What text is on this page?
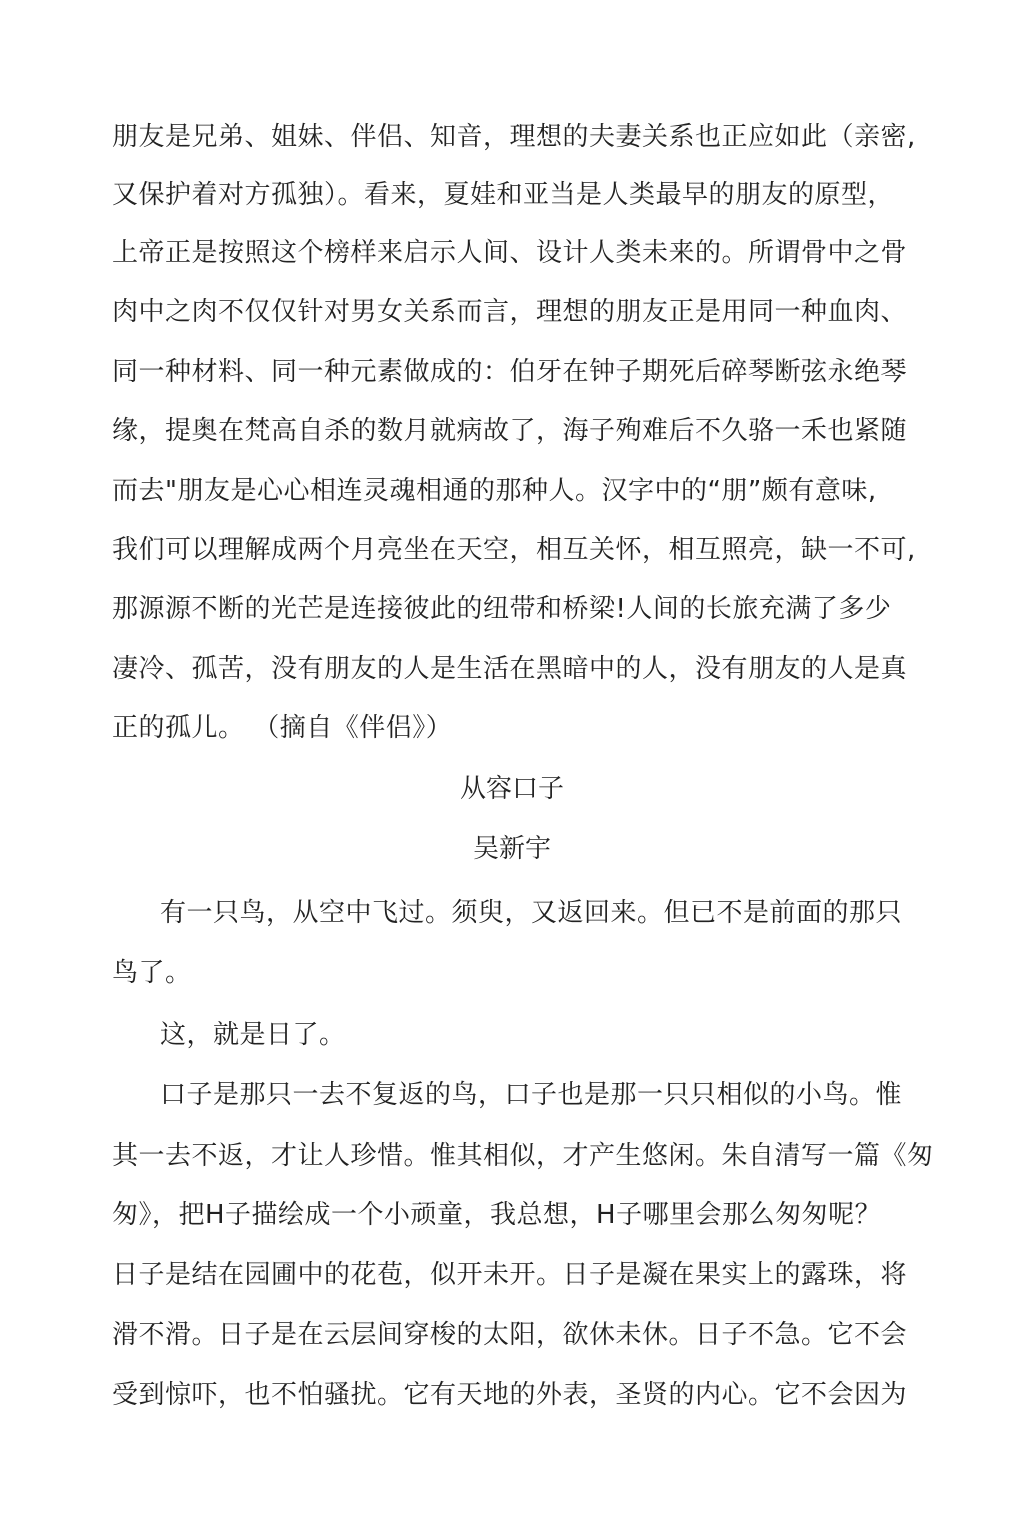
朋友是兄弟、姐妹、伴侣、知音，理想的夫妻关系也正应如此（亲密,
又保护着对方孤独）。看来，夏娃和亚当是人类最早的朋友的原型，
上帝正是按照这个榜样来启示人间、设计人类未来的。所谓骨中之骨
肉中之肉不仅仅针对男女关系而言，理想的朋友正是用同一种血肉、
同一种材料、同一种元素做成的：伯牙在钟子期死后碎琴断弦永绝琴
缘，提奥在梵高自杀的数月就病故了，海子殉难后不久骆一禾也紧随
而去"朋友是心心相连灵魂相通的那种人。汉字中的“朋”颇有意味,
我们可以理解成两个月亮坐在天空，相互关怀，相互照亮，缺一不可,
那源源不断的光芒是连接彼此的纽带和桥梁!人间的长旅充满了多少
凄冷、孤苦，没有朋友的人是生活在黑暗中的人，没有朋友的人是真
正的孤儿。 （摘自《伴侣》）
从容口子
吴新宇
有一只鸟，从空中飞过。须臾，又返回来。但已不是前面的那只
鸟了。
这，就是日了。
口子是那只一去不复返的鸟，口子也是那一只只相似的小鸟。惟
其一去不返，才让人珍惜。惟其相似，才产生悠闲。朱自清写一篇《匆
匆》，把H子描绘成一个小顽童，我总想，H子哪里会那么匆匆呢？
日子是结在园圃中的花苞，似开未开。日子是凝在果实上的露珠，将
滑不滑。日子是在云层间穿梭的太阳，欲休未休。日子不急。它不会
受到惊吓，也不怕骚扰。它有天地的外表，圣贤的内心。它不会因为
